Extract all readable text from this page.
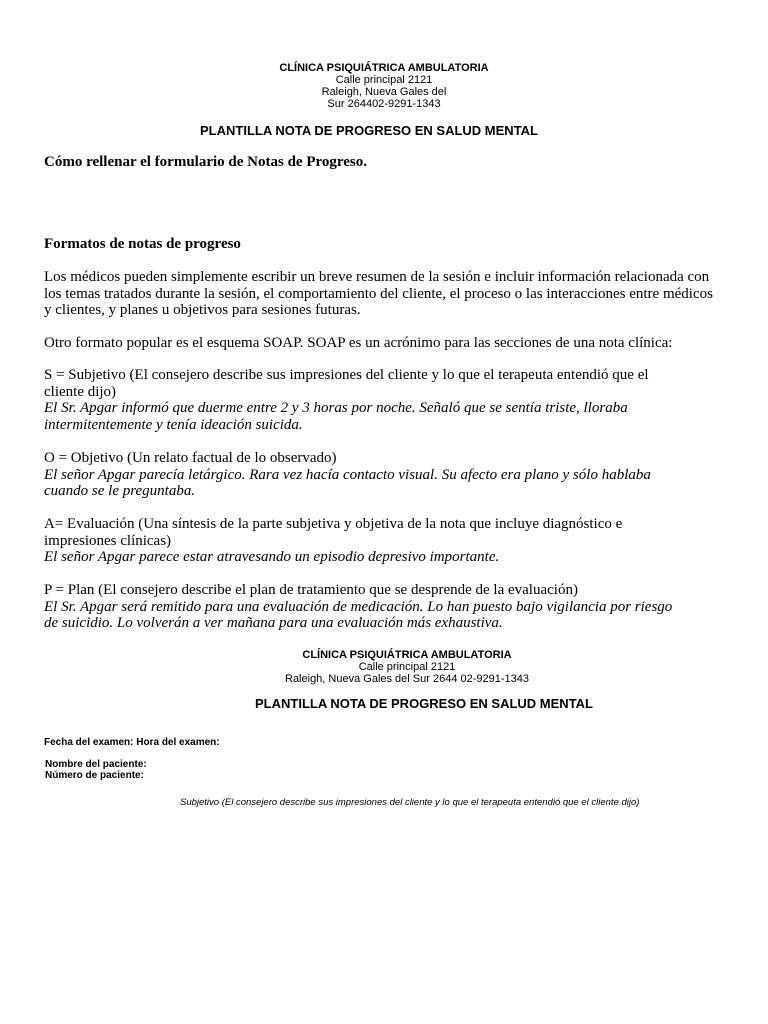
CLÍNICA PSIQUIÁTRICA AMBULATORIA
Calle principal 2121
Raleigh, Nueva Gales del
Sur 264402-9291-1343
PLANTILLA NOTA DE PROGRESO EN SALUD MENTAL
Cómo rellenar el formulario de Notas de Progreso.
Formatos de notas de progreso

Los médicos pueden simplemente escribir un breve resumen de la sesión e incluir información relacionada con los temas tratados durante la sesión, el comportamiento del cliente, el proceso o las interacciones entre médicos y clientes, y planes u objetivos para sesiones futuras.

Otro formato popular es el esquema SOAP. SOAP es un acrónimo para las secciones de una nota clínica:
S = Subjetivo (El consejero describe sus impresiones del cliente y lo que el terapeuta entendió que el cliente dijo)
El Sr. Apgar informó que duerme entre 2 y 3 horas por noche. Señaló que se sentía triste, lloraba intermitentemente y tenía ideación suicida.
O = Objetivo (Un relato factual de lo observado)
El señor Apgar parecía letárgico. Rara vez hacía contacto visual. Su afecto era plano y sólo hablaba cuando se le preguntaba.
A= Evaluación (Una síntesis de la parte subjetiva y objetiva de la nota que incluye diagnóstico e impresiones clínicas)
El señor Apgar parece estar atravesando un episodio depresivo importante.
P = Plan (El consejero describe el plan de tratamiento que se desprende de la evaluación)
El Sr. Apgar será remitido para una evaluación de medicación. Lo han puesto bajo vigilancia por riesgo de suicidio. Lo volverán a ver mañana para una evaluación más exhaustiva.
CLÍNICA PSIQUIÁTRICA AMBULATORIA
Calle principal 2121
Raleigh, Nueva Gales del Sur 2644 02-9291-1343
PLANTILLA NOTA DE PROGRESO EN SALUD MENTAL
Fecha del examen: Hora del examen:
Nombre del paciente:
Número de paciente:
Subjetivo (El consejero describe sus impresiones del cliente y lo que el terapeuta entendió que el cliente dijo)
